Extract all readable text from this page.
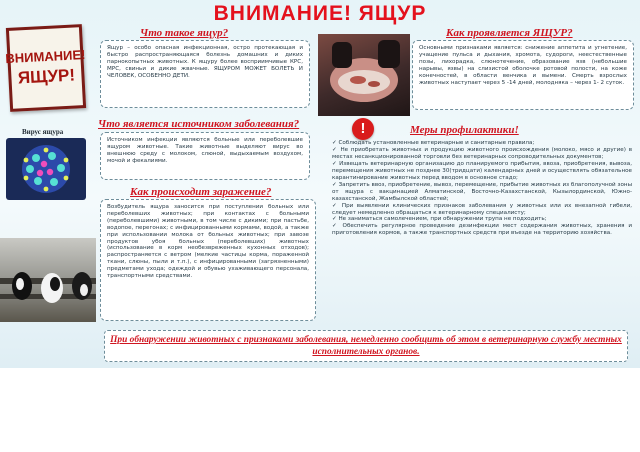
ВНИМАНИЕ! ЯЩУР
ВНИМАНИЕ!
ЯЩУР!
Вирус ящура	!
Что такое ящур?

Ящур – особо опасная инфекционная, остро протекающая и быстро распространяющаяся болезнь домашних и диких парнокопытных животных. К ящуру более восприимчивые КРС, МРС, свиньи и дикие жвачные. ЯЩУРОМ МОЖЕТ БОЛЕТЬ И ЧЕЛОВЕК, ОСОБЕННО ДЕТИ.

Как проявляется ЯЩУР?

Основными признаками является: снижение аппетита и угнетение, учащение пульса и дыхания, хромота, судороги, неестественные позы, лихорадка, слюнотечение, образование язв (небольшие нарывы, язвы) на слизистой оболочке ротовой полости, на коже конечностей, в области венчика и вымени. Смерть взрослых животных наступает через 5 -14 дней, молодняка – через 1- 2 суток.

Что является источником заболевания?

Источником инфекции являются больные или переболевшие ящуром животные. Такие животные выделяют вирус во внешнюю среду с молоком, слюной, выдыхаемым воздухом, мочой и фекалиями.

Как происходит заражение?

Возбудитель ящура заносится при поступлении больных или переболевших животных; при контактах с больными (переболевшими) животными, в том числе с дикими; при пастьбе, водопое, перегонах; с инфицированными кормами, водой, а также при использовании молока от больных животных; при завозе продуктов убоя больных (переболевших) животных (использование в корм необезвреженных кухонных отходов); распространяется с ветром (мелкие частицы корма, пораженной ткани, слюны, пыли и т.п.), с инфицированными (загрязненными) предметами ухода; одеждой и обувью ухаживающего персонала, транспортными средствами.

Меры профилактики!
✓ Соблюдать установленные ветеринарные и санитарные правила;
✓ Не приобретать животных и продукцию животного происхождения (молоко, мясо и другие) в местах несанкционированной торговли без ветеринарных сопроводительных документов;
✓ Извещать ветеринарную организацию до планируемого прибытия, ввоза, приобретения, вывоза, перемещения животных не позднее 30(тридцати) календарных дней и осуществлять обязательное карантинирование животных перед вводом в основное стадо;
✓ Запретить ввоз, приобретение, вывоз, перемещение, прибытие животных из благополучной зоны от ящура с вакцинацией Алматинской, Восточно-Казахстанской, Кызылординской, Южно-казахстанской, Жамбылской областей;
✓ При выявлении клинических признаков заболевания у животных или их внезапной гибели, следует немедленно обращаться к ветеринарному специалисту;
✓ Не заниматься самолечением, при обнаружении трупа не подходить;
✓ Обеспечить регулярное проведение дезинфекции мест содержания животных, хранения и приготовления кормов, а также транспортных средств при въезде на территорию хозяйства.
При обнаружении животных с признаками заболевания, немедленно сообщить об этом в ветеринарную службу местных исполнительных органов.
